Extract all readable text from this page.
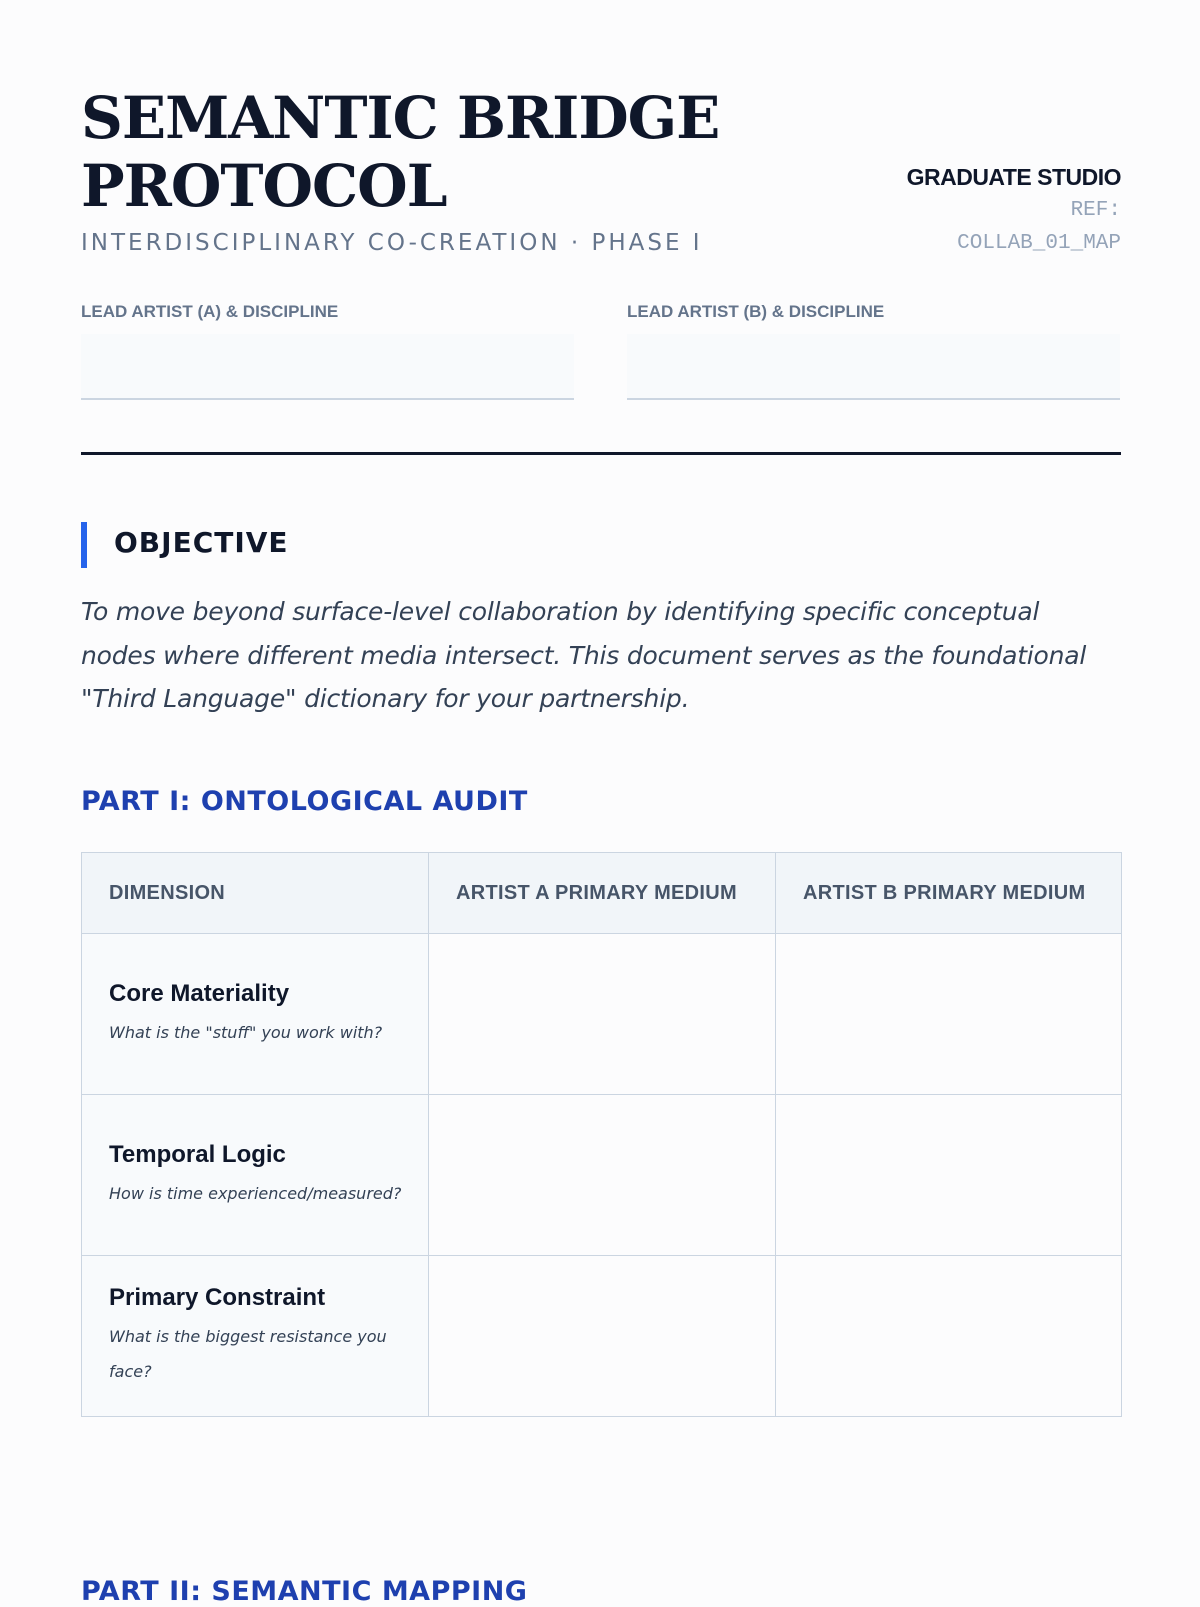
SEMANTIC BRIDGE PROTOCOL
INTERDISCIPLINARY CO-CREATION · PHASE I
GRADUATE STUDIO
REF:
COLLAB_01_MAP
LEAD ARTIST (A) & DISCIPLINE	LEAD ARTIST (B) & DISCIPLINE
OBJECTIVE

To move beyond surface-level collaboration by identifying specific conceptual nodes where different media intersect. This document serves as the foundational "Third Language" dictionary for your partnership.

PART I: ONTOLOGICAL AUDIT
DIMENSION	ARTIST A PRIMARY MEDIUM	ARTIST B PRIMARY MEDIUM

Core Materiality
What is the "stuff" you work with?		

Temporal Logic
How is time experienced/measured?		

Primary Constraint
What is the biggest resistance you face?		

PART II: SEMANTIC MAPPING
